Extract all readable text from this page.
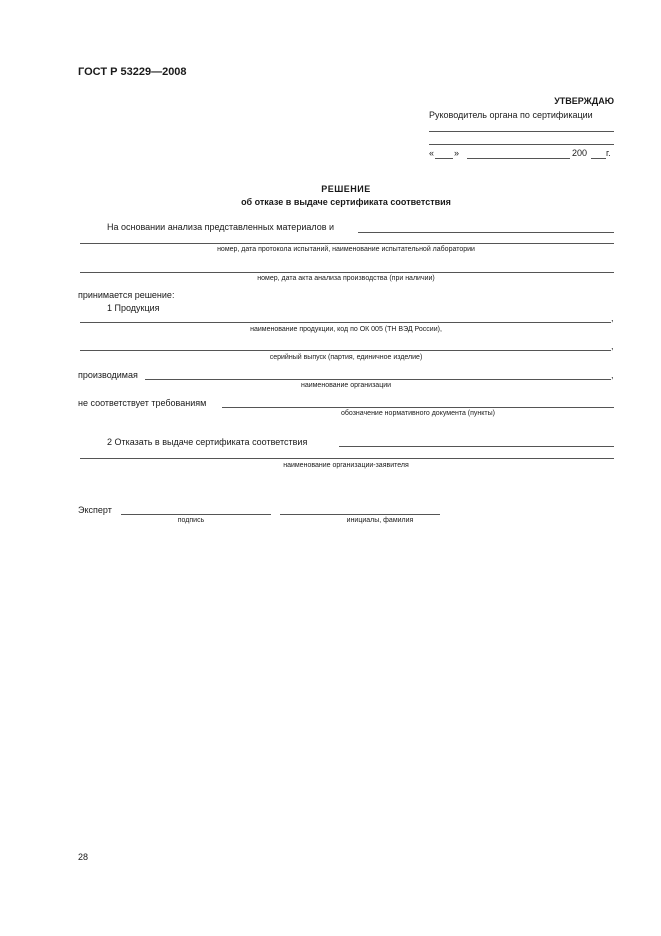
ГОСТ Р 53229—2008
УТВЕРЖДАЮ
Руководитель органа по сертификации
« »	200 г.
РЕШЕНИЕ
об отказе в выдаче сертификата соответствия
На основании анализа представленных материалов и
номер, дата протокола испытаний, наименование испытательной лаборатории
номер, дата акта анализа производства (при наличии)
принимается решение:
1 Продукция
,
наименование продукции, код по ОК 005 (ТН ВЭД России),
,
серийный выпуск (партия, единичное изделие)
производимая	,
наименование организации
не соответствует требованиям
обозначение нормативного документа (пункты)
2 Отказать в выдаче сертификата соответствия
наименование организации-заявителя
Эксперт
подпись	инициалы, фамилия
28
